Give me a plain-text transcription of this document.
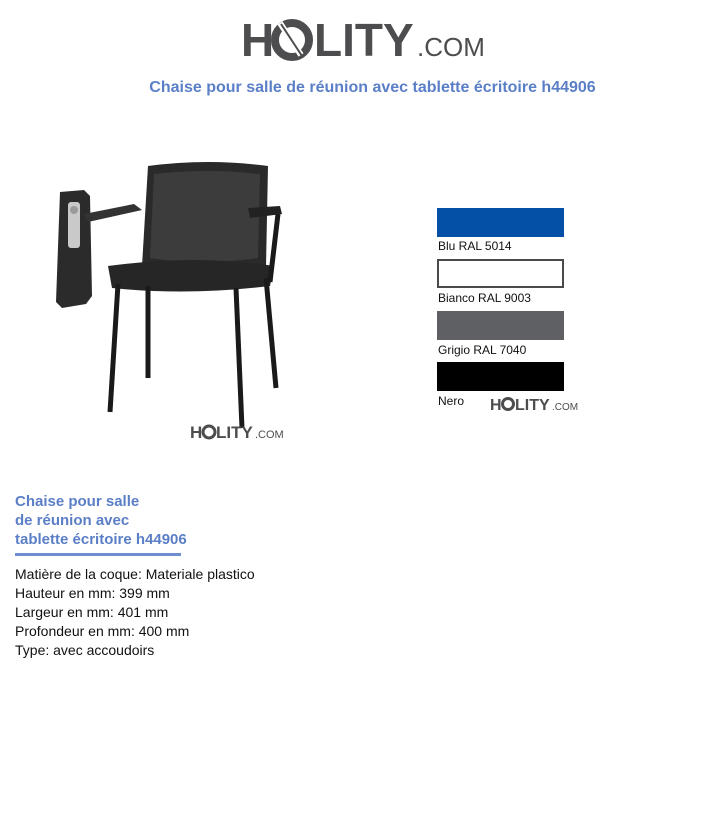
H LITY .COM
Chaise pour salle de réunion avec tablette écritoire h44906
H LITY .COM
Blu RAL 5014
Bianco RAL 9003
Grigio RAL 7040
Nero H LITY .COM
Chaise pour salle
de réunion avec
tablette écritoire h44906
Matière de la coque: Materiale plastico
Hauteur en mm: 399 mm
Largeur en mm: 401 mm
Profondeur en mm: 400 mm
Type: avec accoudoirs
